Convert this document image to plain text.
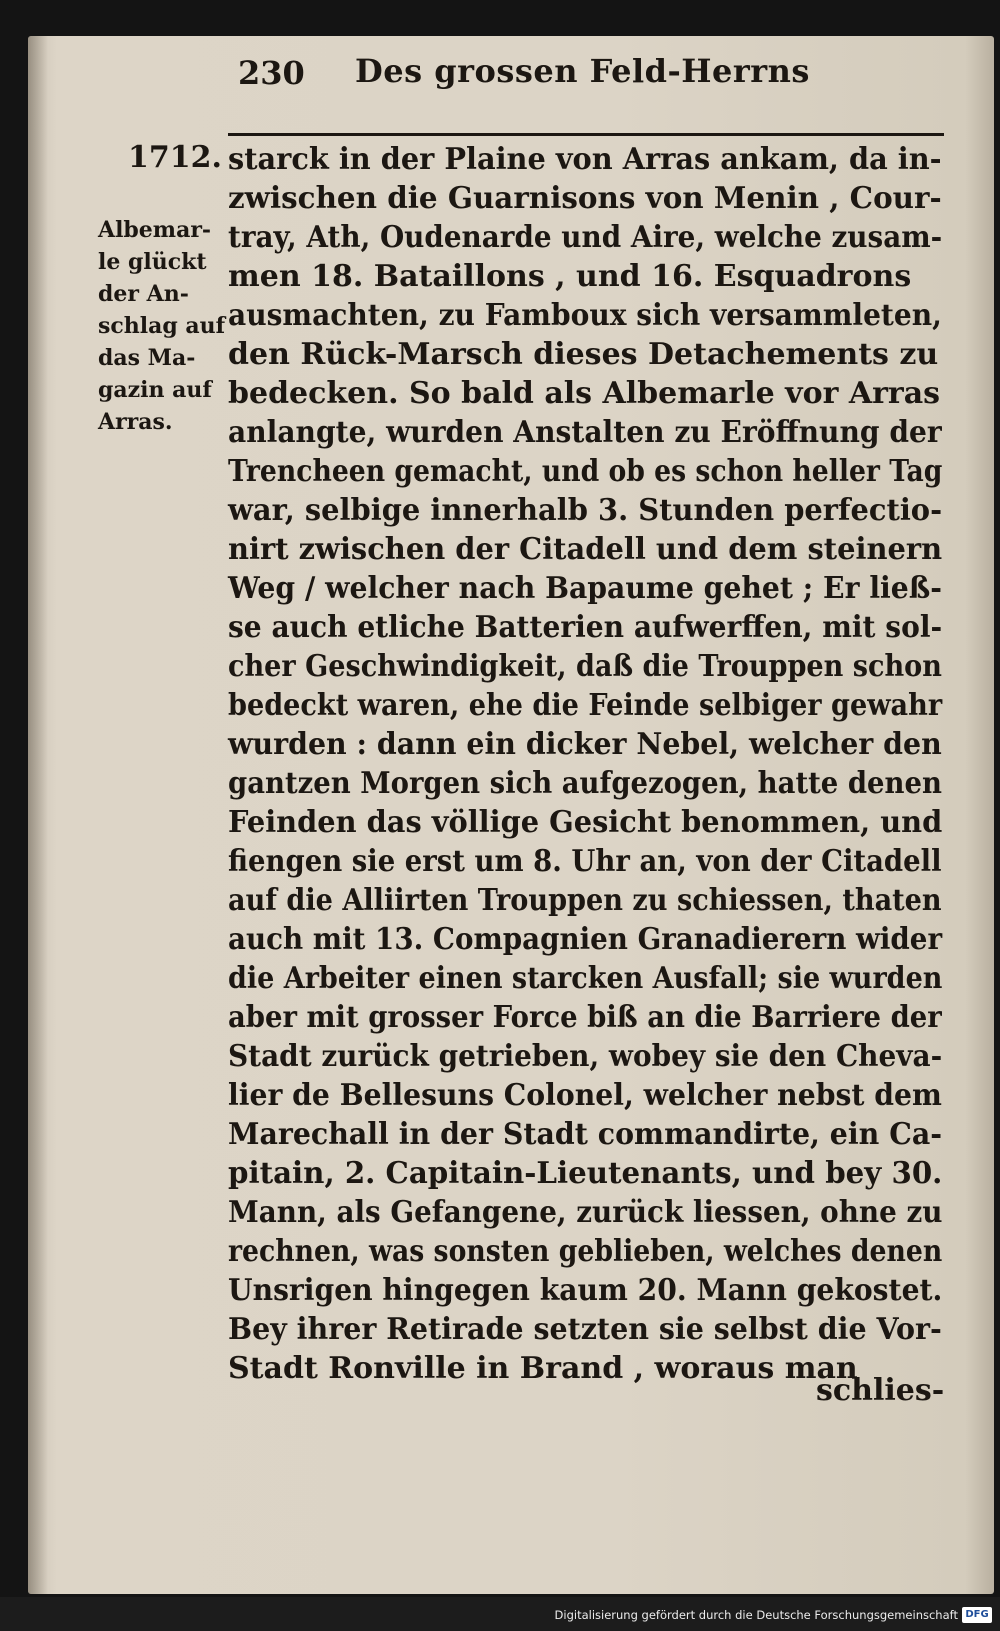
230 Des grossen Feld-Herrns
1712.
Albemar-
le glückt
der An-
schlag auf
das Ma-
gazin auf
Arras.
starck in der Plaine von Arras ankam, da in-
zwischen die Guarnisons von Menin , Cour-
tray, Ath, Oudenarde und Aire, welche zusam-
men 18. Bataillons , und 16. Esquadrons
ausmachten, zu Famboux sich versammleten,
den Rück-Marsch dieses Detachements zu
bedecken. So bald als Albemarle vor Arras
anlangte, wurden Anstalten zu Eröffnung der
Trencheen gemacht, und ob es schon heller Tag
war, selbige innerhalb 3. Stunden perfectio-
nirt zwischen der Citadell und dem steinern
Weg / welcher nach Bapaume gehet ; Er ließ-
se auch etliche Batterien aufwerffen, mit sol-
cher Geschwindigkeit, daß die Trouppen schon
bedeckt waren, ehe die Feinde selbiger gewahr
wurden : dann ein dicker Nebel, welcher den
gantzen Morgen sich aufgezogen, hatte denen
Feinden das völlige Gesicht benommen, und
fiengen sie erst um 8. Uhr an, von der Citadell
auf die Alliirten Trouppen zu schiessen, thaten
auch mit 13. Compagnien Granadierern wider
die Arbeiter einen starcken Ausfall; sie wurden
aber mit grosser Force biß an die Barriere der
Stadt zurück getrieben, wobey sie den Cheva-
lier de Bellesuns Colonel, welcher nebst dem
Marechall in der Stadt commandirte, ein Ca-
pitain, 2. Capitain-Lieutenants, und bey 30.
Mann, als Gefangene, zurück liessen, ohne zu
rechnen, was sonsten geblieben, welches denen
Unsrigen hingegen kaum 20. Mann gekostet.
Bey ihrer Retirade setzten sie selbst die Vor-
Stadt Ronville in Brand , woraus man
schlies-
Digitalisierung gefördert durch die Deutsche Forschungsgemeinschaft DFG
